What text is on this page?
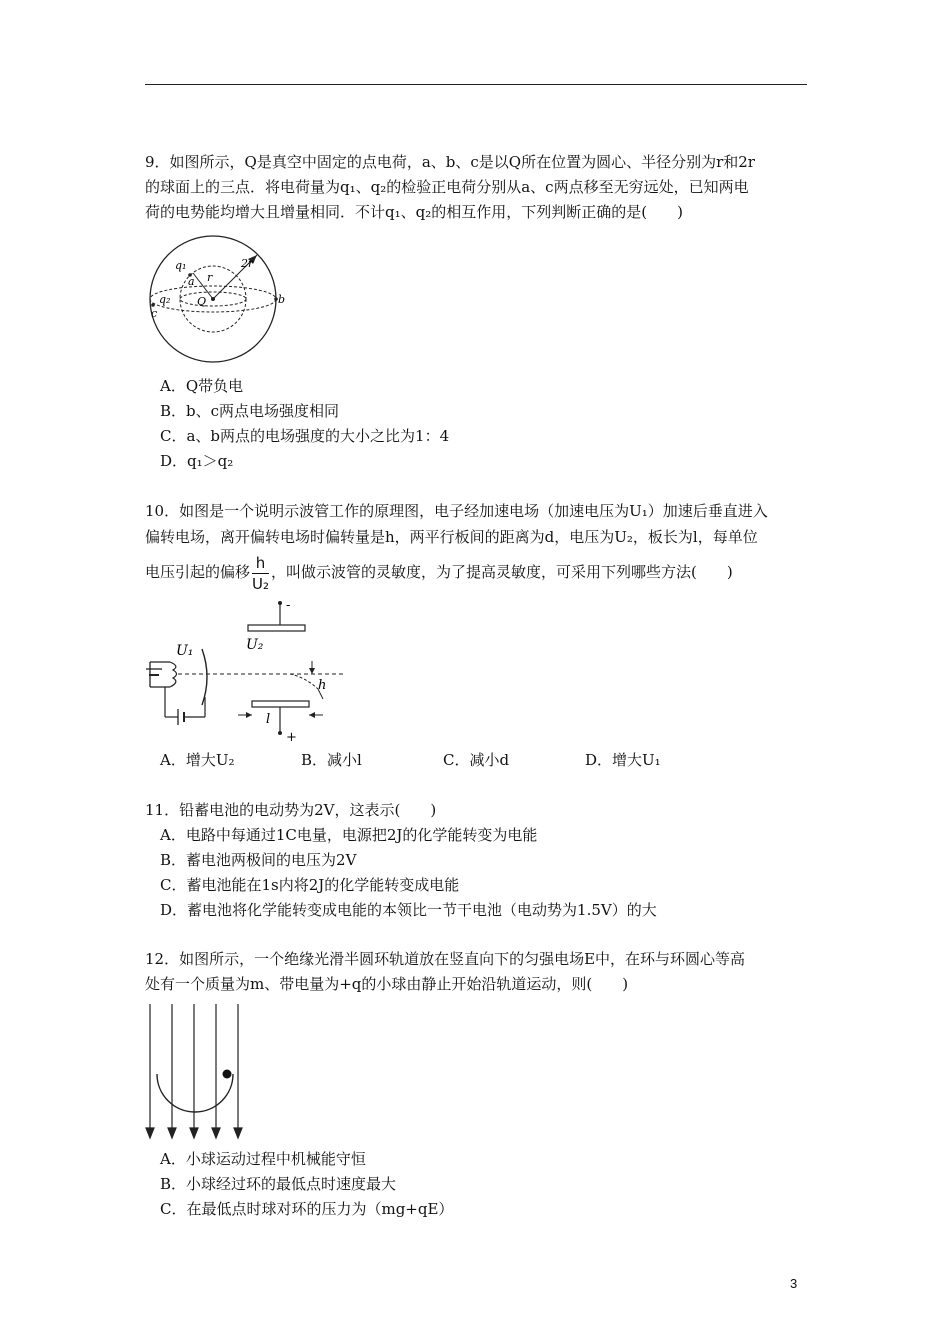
9．如图所示，Q是真空中固定的点电荷，a、b、c是以Q所在位置为圆心、半径分别为r和2r
的球面上的三点．将电荷量为q₁、q₂的检验正电荷分别从a、c两点移至无穷远处，已知两电
荷的电势能均增大且增量相同．不计q₁、q₂的相互作用，下列判断正确的是(　　)
q₁
a r
2r
Q	b
q₂
c
A．Q带负电
B．b、c两点电场强度相同
C．a、b两点的电场强度的大小之比为1：4
D．q₁＞q₂
10．如图是一个说明示波管工作的原理图，电子经加速电场（加速电压为U₁）加速后垂直进入
偏转电场，离开偏转电场时偏转量是h，两平行板间的距离为d，电压为U₂，板长为l，每单位
电压引起的偏移 $\frac{h}{\text{U₂}}$ ，叫做示波管的灵敏度，为了提高灵敏度，可采用下列哪些方法(　　)
U₁	U₂
-
+
h
l
A．增大U₂	B．减小l	C．减小d	D．增大U₁
11．铅蓄电池的电动势为2V，这表示(　　)
A．电路中每通过1C电量，电源把2J的化学能转变为电能
B．蓄电池两极间的电压为2V
C．蓄电池能在1s内将2J的化学能转变成电能
D．蓄电池将化学能转变成电能的本领比一节干电池（电动势为1.5V）的大
12．如图所示，一个绝缘光滑半圆环轨道放在竖直向下的匀强电场E中，在环与环圆心等高
处有一个质量为m、带电量为+q的小球由静止开始沿轨道运动，则(　　)
A．小球运动过程中机械能守恒
B．小球经过环的最低点时速度最大
C．在最低点时球对环的压力为（mg+qE）
3
